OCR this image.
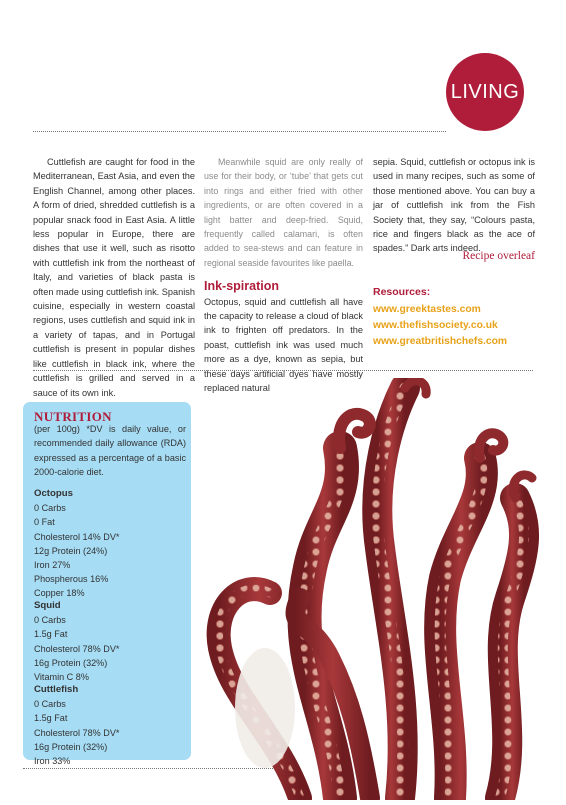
LIVING

Cuttlefish are caught for food in the Mediterranean, East Asia, and even the English Channel, among other places. A form of dried, shredded cuttlefish is a popular snack food in East Asia. A little less popular in Europe, there are dishes that use it well, such as risotto with cuttlefish ink from the northeast of Italy, and varieties of black pasta is often made using cuttlefish ink. Spanish cuisine, especially in western coastal regions, uses cuttlefish and squid ink in a variety of tapas, and in Portugal cuttlefish is present in popular dishes like cuttlefish in black ink, where the cuttlefish is grilled and served in a sauce of its own ink.

Meanwhile squid are only really of use for their body, or ‘tube’ that gets cut into rings and either fried with other ingredients, or are often covered in a light batter and deep-fried. Squid, frequently called calamari, is often added to sea-stews and can feature in regional seaside favourites like paella.

Ink-spiration

Octopus, squid and cuttlefish all have the capacity to release a cloud of black ink to frighten off predators. In the poast, cuttlefish ink was used much more as a dye, known as sepia, but these days artificial dyes have mostly replaced natural

sepia. Squid, cuttlefish or octopus ink is used in many recipes, such as some of those mentioned above. You can buy a jar of cuttlefish ink from the Fish Society that, they say, “Colours pasta, rice and fingers black as the ace of spades.” Dark arts indeed.

Recipe overleaf
Resources:
www.greektastes.com
www.thefishsociety.co.uk
www.greatbritishchefs.com
NUTRITION
(per 100g) *DV is daily value, or recommended daily allowance (RDA) expressed as a percentage of a basic 2000-calorie diet.
Octopus
0 Carbs
0 Fat
Cholesterol 14% DV*
12g Protein (24%)
Iron 27%
Phospherous 16%
Copper 18%
Squid
0 Carbs
1.5g Fat
Cholesterol 78% DV*
16g Protein (32%)
Vitamin C 8%
Cuttlefish
0 Carbs
1.5g Fat
Cholesterol 78% DV*
16g Protein (32%)
Iron 33%
